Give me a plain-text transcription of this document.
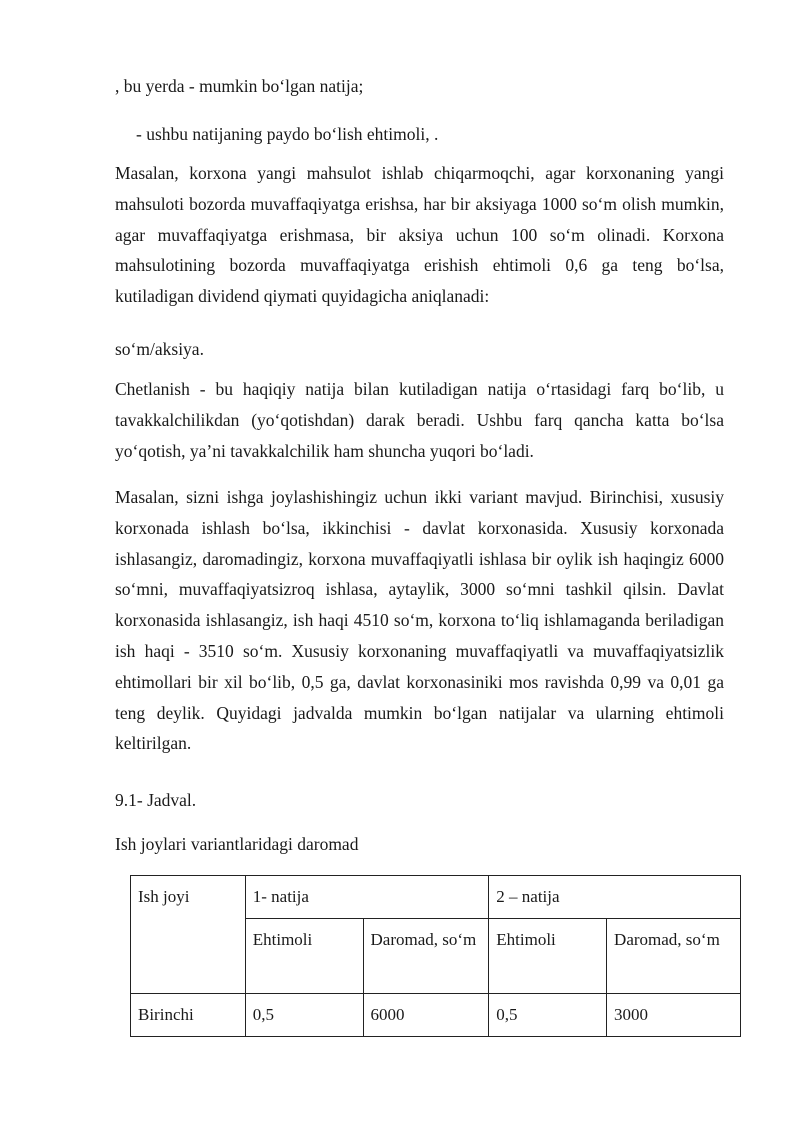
, bu yerda - mumkin boʻlgan natija;
- ushbu natijaning paydo boʻlish ehtimoli, .
Masalan, korxona yangi mahsulot ishlab chiqarmoqchi, agar korxonaning yangi mahsuloti bozorda muvaffaqiyatga erishsa, har bir aksiyaga 1000 soʻm olish mumkin, agar muvaffaqiyatga erishmasa, bir aksiya uchun 100 soʻm olinadi. Korxona mahsulotining bozorda muvaffaqiyatga erishish ehtimoli 0,6 ga teng boʻlsa, kutiladigan dividend qiymati quyidagicha aniqlanadi:
soʻm/aksiya.
Chetlanish - bu haqiqiy natija bilan kutiladigan natija oʻrtasidagi farq boʻlib, u tavakkalchilikdan (yoʻqotishdan) darak beradi. Ushbu farq qancha katta boʻlsa yoʻqotish, ya’ni tavakkalchilik ham shuncha yuqori boʻladi.
Masalan, sizni ishga joylashishingiz uchun ikki variant mavjud. Birinchisi, xususiy korxonada ishlash boʻlsa, ikkinchisi - davlat korxonasida. Xususiy korxonada ishlasangiz, daromadingiz, korxona muvaffaqiyatli ishlasa bir oylik ish haqingiz 6000 soʻmni, muvaffaqiyatsizroq ishlasa, aytaylik, 3000 soʻmni tashkil qilsin. Davlat korxonasida ishlasangiz, ish haqi 4510 soʻm, korxona toʻliq ishlamaganda beriladigan ish haqi - 3510 soʻm. Xususiy korxonaning muvaffaqiyatli va muvaffaqiyatsizlik ehtimollari bir xil boʻlib, 0,5 ga, davlat korxonasiniki mos ravishda 0,99 va 0,01 ga teng deylik. Quyidagi jadvalda mumkin boʻlgan natijalar va ularning ehtimoli keltirilgan.
9.1- Jadval.
Ish joylari variantlaridagi daromad
Ish joyi	1- natija		2 – natija	
	Ehtimoli	Daromad, soʻm	Ehtimoli	Daromad, soʻm
Birinchi	0,5	6000	0,5	3000
